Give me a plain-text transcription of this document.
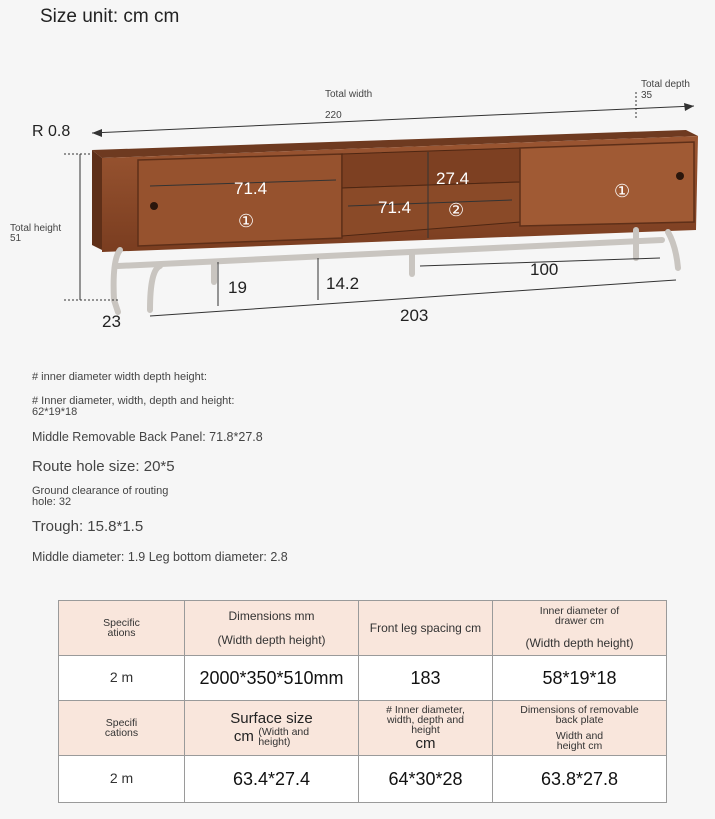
Size unit: cm cm
Total width
220
Total depth
35
R 0.8
Total height
51
71.4
①
27.4
71.4 ②
①
19	14.2
100
203
23
# inner diameter width depth height:
# Inner diameter, width, depth and height:
62*19*18
Middle Removable Back Panel: 71.8*27.8
Route hole size: 20*5
Ground clearance of routing
hole: 32
Trough: 15.8*1.5
Middle diameter: 1.9 Leg bottom diameter: 2.8
Specific
ations	Dimensions mm
(Width depth height)	Front leg spacing cm	Inner diameter of
drawer cm
(Width depth height)

2 m	2000*350*510mm	183	58*19*18

Specifi
cations	Surface size
cm (Width and
height)	# Inner diameter,
width, depth and
height
cm	Dimensions of removable
back plate
Width and
height cm

2 m	63.4*27.4	64*30*28	63.8*27.8
